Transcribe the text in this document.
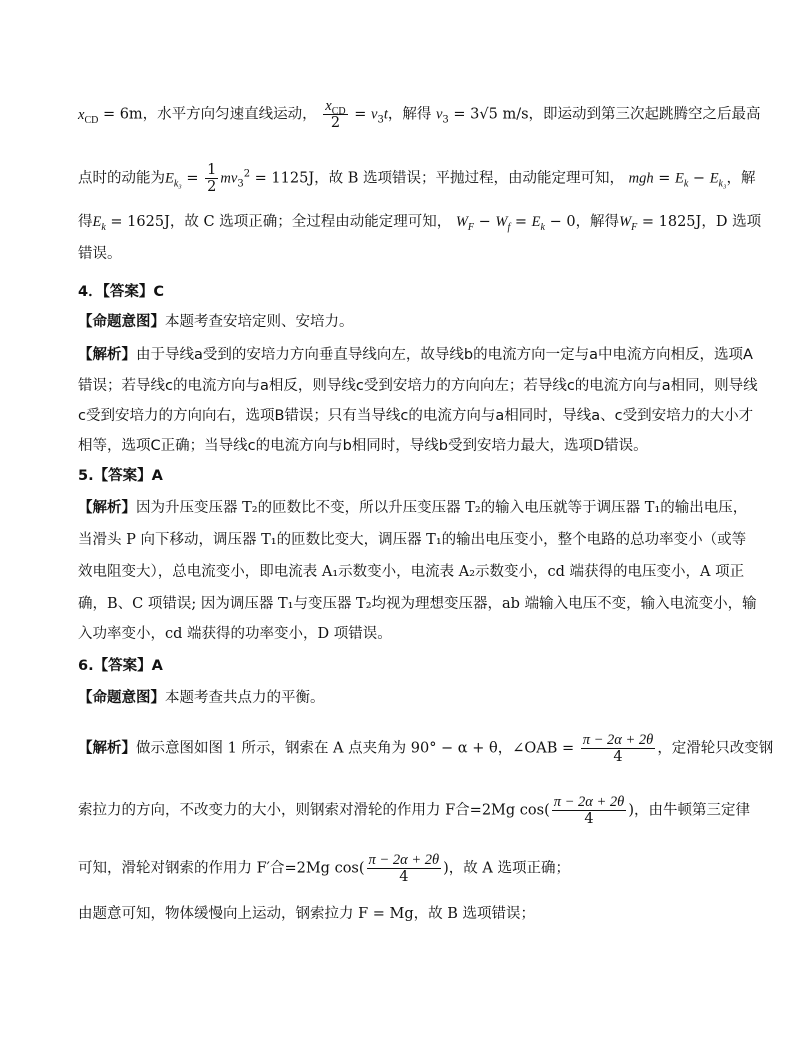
$x_{CD} = 6m$，水平方向匀速直线运动， $\frac{x_{CD}}{2} = v_3t$，解得 $v_3 = 3√5$ m/s，即运动到第三次起跳腾空之后最高
点时的动能为$E_{k_3} = \frac{1}{2} mv_3^2 = 1125J$，故 B 选项错误；平抛过程，由动能定理可知， mgh = $E_k - E_{k_3}$，解
得$E_k = 1625J$，故 C 选项正确；全过程由动能定理可知， $W_F - W_f = E_k - 0$，解得$W_F = 1825J$，D 选项
错误。
4．【答案】C
【命题意图】本题考查安培定则、安培力。
【解析】由于导线a受到的安培力方向垂直导线向左，故导线b的电流方向一定与a中电流方向相反，选项A
错误；若导线c的电流方向与a相反，则导线c受到安培力的方向向左；若导线c的电流方向与a相同，则导线
c受到安培力的方向向右，选项B错误；只有当导线c的电流方向与a相同时，导线a、c受到安培力的大小才
相等，选项C正确；当导线c的电流方向与b相同时，导线b受到安培力最大，选项D错误。
5.【答案】A
【解析】因为升压变压器 T₂的匝数比不变，所以升压变压器 T₂的输入电压就等于调压器 T₁的输出电压，
当滑头 P 向下移动，调压器 T₁的匝数比变大，调压器 T₁的输出电压变小，整个电路的总功率变小（或等
效电阻变大），总电流变小，即电流表 A₁示数变小，电流表 A₂示数变小，cd 端获得的电压变小，A 项正
确，B、C 项错误; 因为调压器 T₁与变压器 T₂均视为理想变压器，ab 端输入电压不变，输入电流变小，输
入功率变小，cd 端获得的功率变小，D 项错误。
6.【答案】A
【命题意图】本题考查共点力的平衡。
【解析】做示意图如图 1 所示，钢索在 A 点夹角为 90° − α + θ，∠OAB = $\frac{\pi - 2\alpha + 2\theta}{4}$ ，定滑轮只改变钢
索拉力的方向，不改变力的大小，则钢索对滑轮的作用力 F合=2Mg $\cos( \frac{\pi - 2\alpha + 2\theta}{4}$ )，由牛顿第三定律
可知，滑轮对钢索的作用力 F′合=2Mg $\cos( \frac{\pi - 2\alpha + 2\theta}{4}$ )，故 A 选项正确；
由题意可知，物体缓慢向上运动，钢索拉力 F = Mg，故 B 选项错误；
